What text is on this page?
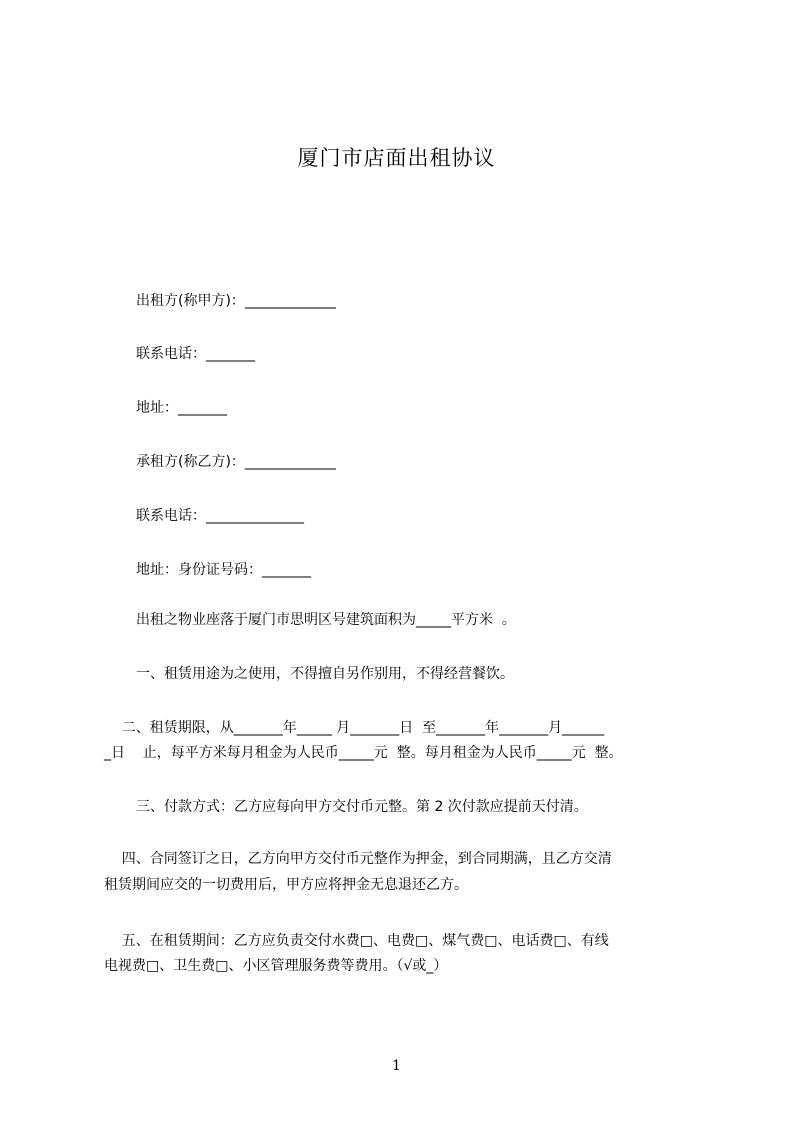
厦门市店面出租协议
出租方(称甲方)：_____________
联系电话：_______
地址：_______
承租方(称乙方)：_____________
联系电话：______________
地址：身份证号码：_______
出租之物业座落于厦门市思明区号建筑面积为_____平方米  。
一、租赁用途为之使用，不得擅自另作别用，不得经营餐饮。
二、租赁期限，从_______年_____ 月_______日  至_______年_______月______
_日    止，每平方米每月租金为人民币_____元  整。每月租金为人民币_____元  整。
三、付款方式：乙方应每向甲方交付币元整。第 2 次付款应提前天付清。
四、合同签订之日，乙方向甲方交付币元整作为押金，到合同期满，且乙方交清
租赁期间应交的一切费用后，甲方应将押金无息退还乙方。
五、在租赁期间：乙方应负责交付水费□、电费□、煤气费□、电话费□、有线
电视费□、卫生费□、小区管理服务费等费用。（√或_）
1
